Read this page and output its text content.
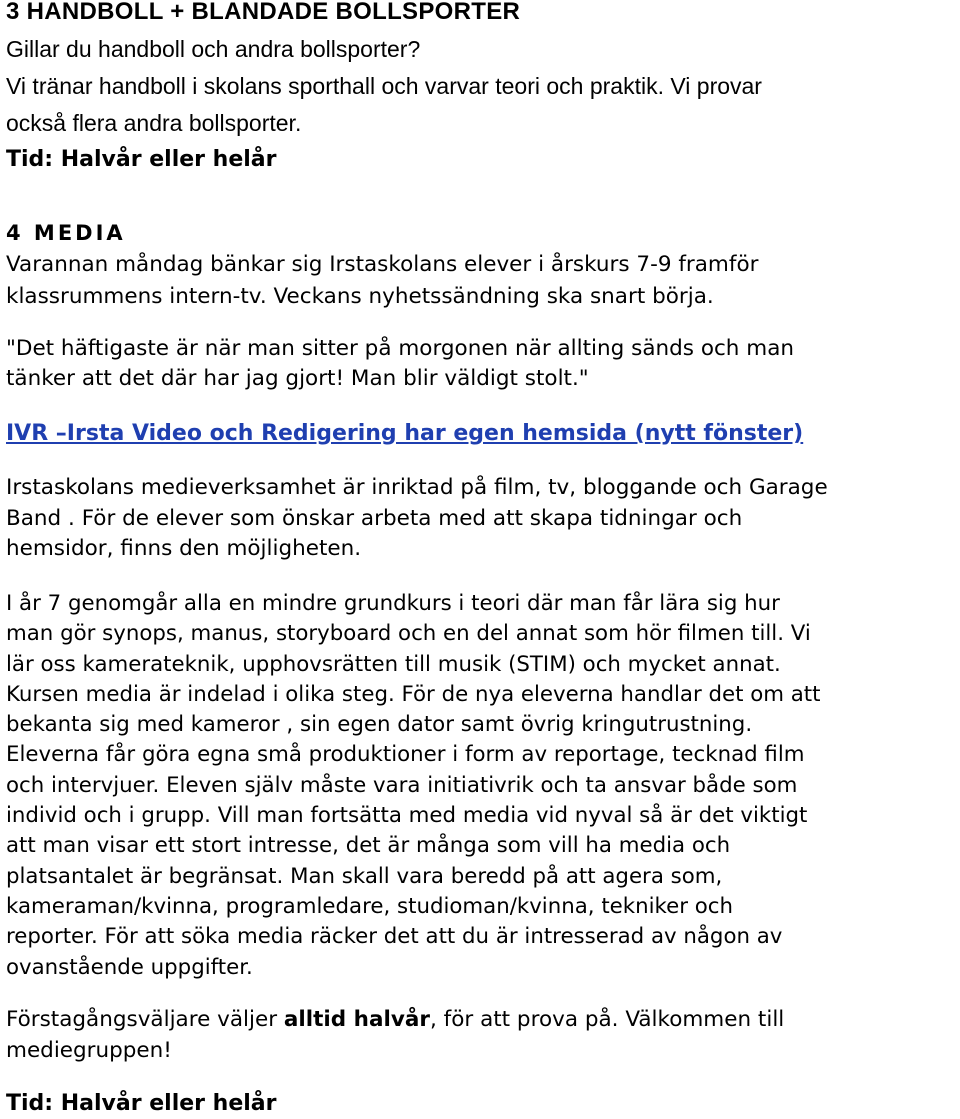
3 HANDBOLL + BLANDADE BOLLSPORTER
Gillar du handboll och andra bollsporter?
Vi tränar handboll i skolans sporthall och varvar teori och praktik. Vi provar
också flera andra bollsporter.
Tid: Halvår eller helår
4 MEDIA
Varannan måndag bänkar sig Irstaskolans elever i årskurs 7-9 framför
klassrummens intern-tv. Veckans nyhetssändning ska snart börja.
"Det häftigaste är när man sitter på morgonen när allting sänds och man
tänker att det där har jag gjort! Man blir väldigt stolt."
IVR –Irsta Video och Redigering har egen hemsida (nytt fönster)
Irstaskolans medieverksamhet är inriktad på film, tv, bloggande och Garage
Band . För de elever som önskar arbeta med att skapa tidningar och
hemsidor, finns den möjligheten.
I år 7 genomgår alla en mindre grundkurs i teori där man får lära sig hur
man gör synops, manus, storyboard och en del annat som hör filmen till. Vi
lär oss kamerateknik, upphovsrätten till musik (STIM) och mycket annat.
Kursen media är indelad i olika steg. För de nya eleverna handlar det om att
bekanta sig med kameror , sin egen dator samt övrig kringutrustning.
Eleverna får göra egna små produktioner i form av reportage, tecknad film
och intervjuer. Eleven själv måste vara initiativrik och ta ansvar både som
individ och i grupp. Vill man fortsätta med media vid nyval så är det viktigt
att man visar ett stort intresse, det är många som vill ha media och
platsantalet är begränsat. Man skall vara beredd på att agera som,
kameraman/kvinna, programledare, studioman/kvinna, tekniker och
reporter. För att söka media räcker det att du är intresserad av någon av
ovanstående uppgifter.
Förstagångsväljare väljer alltid halvår, för att prova på. Välkommen till
mediegruppen!
Tid: Halvår eller helår
